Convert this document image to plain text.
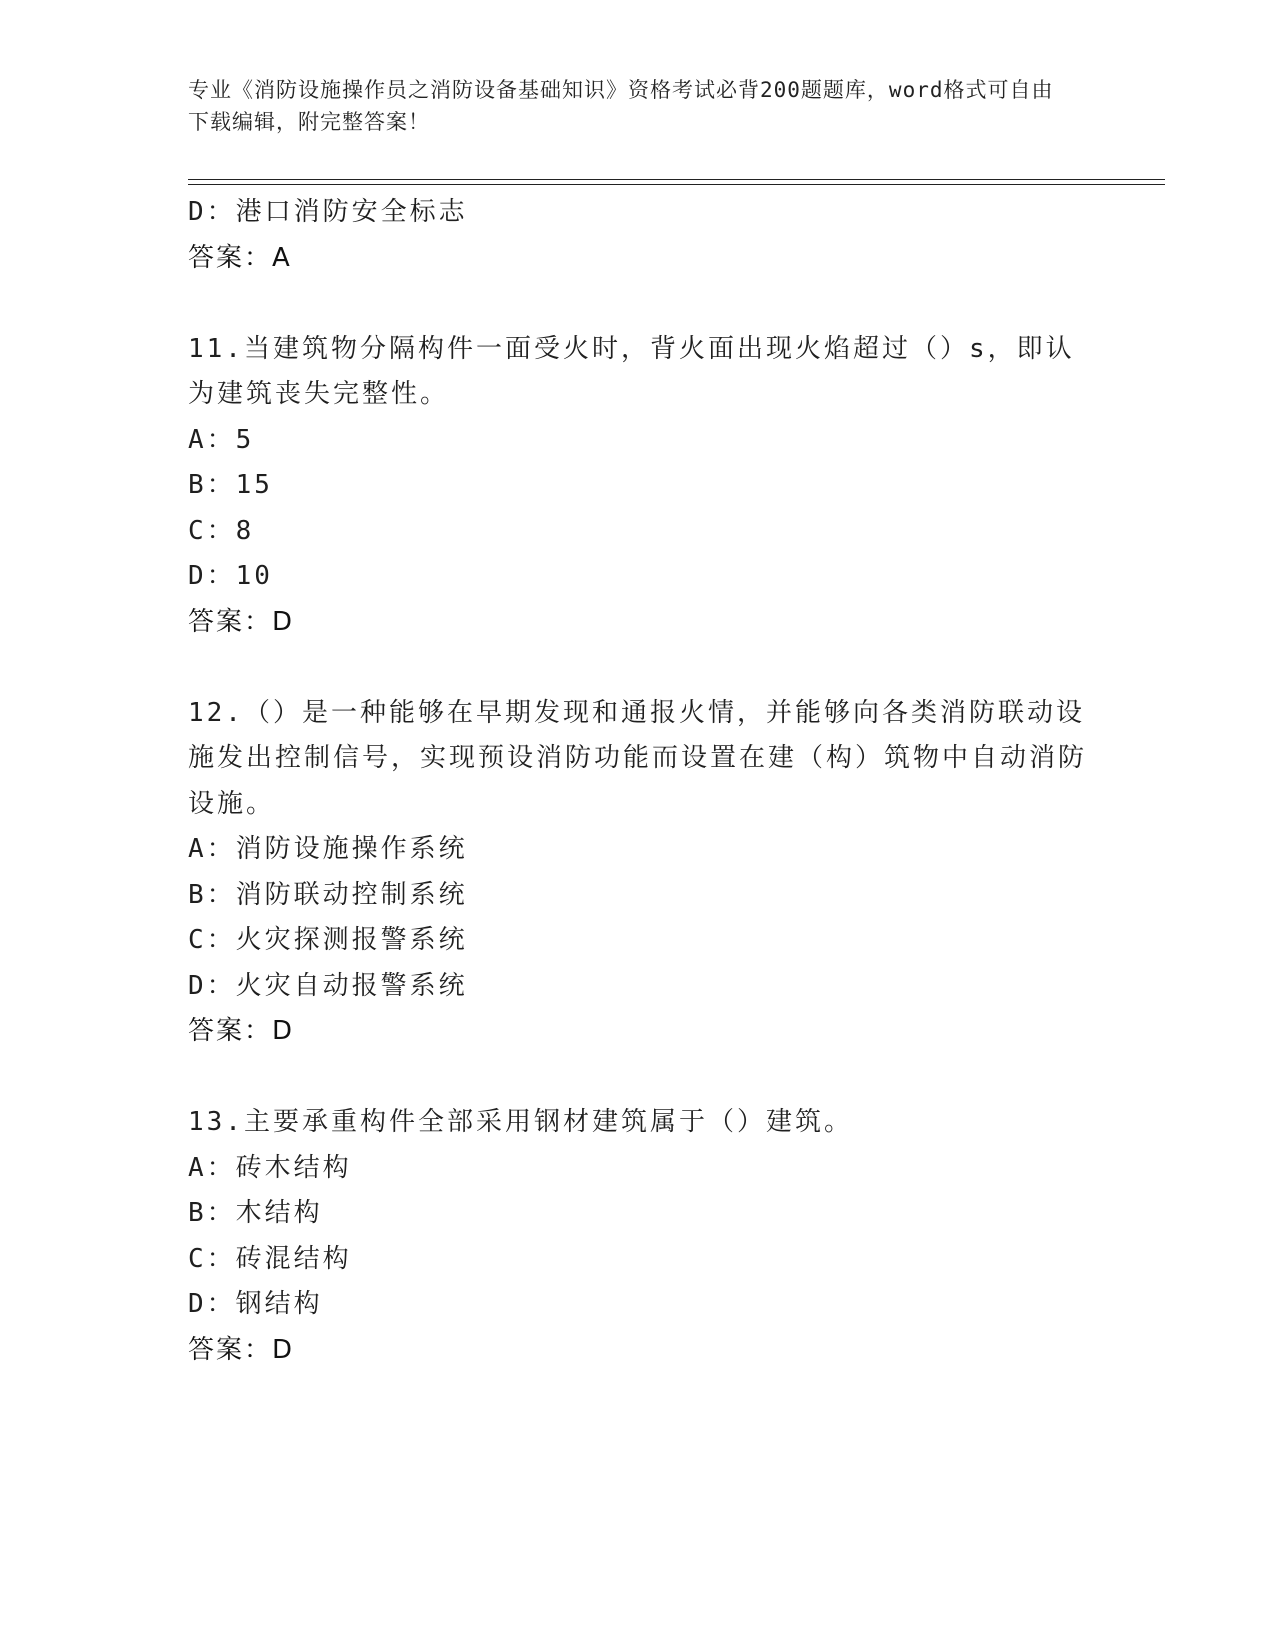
专业《消防设施操作员之消防设备基础知识》资格考试必背200题题库，word格式可自由下载编辑，附完整答案！
D：港口消防安全标志
答案：A
11.当建筑物分隔构件一面受火时，背火面出现火焰超过（）s，即认为建筑丧失完整性。
A：5
B：15
C：8
D：10
答案：D
12.（）是一种能够在早期发现和通报火情，并能够向各类消防联动设施发出控制信号，实现预设消防功能而设置在建（构）筑物中自动消防设施。
A：消防设施操作系统
B：消防联动控制系统
C：火灾探测报警系统
D：火灾自动报警系统
答案：D
13.主要承重构件全部采用钢材建筑属于（）建筑。
A：砖木结构
B：木结构
C：砖混结构
D：钢结构
答案：D
